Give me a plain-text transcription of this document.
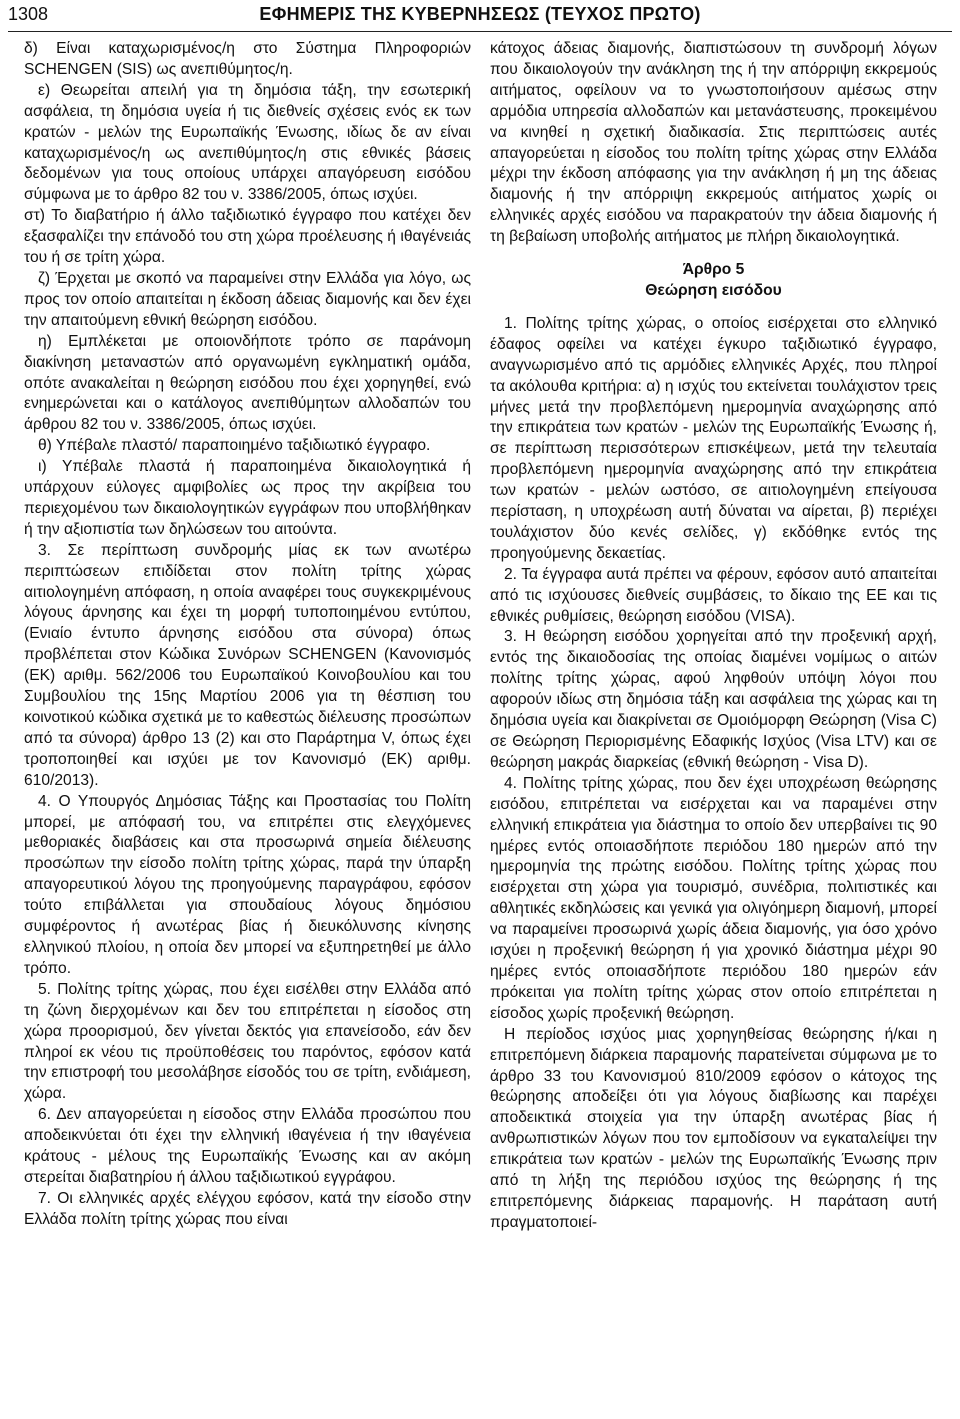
1308	ΕΦΗΜΕΡΙΣ ΤΗΣ ΚΥΒΕΡΝΗΣΕΩΣ (ΤΕΥΧΟΣ ΠΡΩΤΟ)

δ) Είναι καταχωρισμένος/η στο Σύστημα Πληροφοριών SCHENGEN (SIS) ως ανεπιθύμητος/η.

ε) Θεωρείται απειλή για τη δημόσια τάξη, την εσωτερική ασφάλεια, τη δημόσια υγεία ή τις διεθνείς σχέσεις ενός εκ των κρατών - μελών της Ευρωπαϊκής Ένωσης, ιδίως δε αν είναι καταχωρισμένος/η ως ανεπιθύμητος/η στις εθνικές βάσεις δεδομένων για τους οποίους υπάρχει απαγόρευση εισόδου σύμφωνα με το άρθρο 82 του ν. 3386/2005, όπως ισχύει.

στ) Το διαβατήριο ή άλλο ταξιδιωτικό έγγραφο που κατέχει δεν εξασφαλίζει την επάνοδό του στη χώρα προέλευσης ή ιθαγένειάς του ή σε τρίτη χώρα.

ζ) Έρχεται με σκοπό να παραμείνει στην Ελλάδα για λόγο, ως προς τον οποίο απαιτείται η έκδοση άδειας διαμονής και δεν έχει την απαιτούμενη εθνική θεώρηση εισόδου.

η) Εμπλέκεται με οποιονδήποτε τρόπο σε παράνομη διακίνηση μεταναστών από οργανωμένη εγκληματική ομάδα, οπότε ανακαλείται η θεώρηση εισόδου που έχει χορηγηθεί, ενώ ενημερώνεται και ο κατάλογος ανεπιθύμητων αλλοδαπών του άρθρου 82 του ν. 3386/2005, όπως ισχύει.

θ) Υπέβαλε πλαστό/ παραποιημένο ταξιδιωτικό έγγραφο.

ι) Υπέβαλε πλαστά ή παραποιημένα δικαιολογητικά ή υπάρχουν εύλογες αμφιβολίες ως προς την ακρίβεια του περιεχομένου των δικαιολογητικών εγγράφων που υποβλήθηκαν ή την αξιοπιστία των δηλώσεων του αιτούντα.

3. Σε περίπτωση συνδρομής μίας εκ των ανωτέρω περιπτώσεων επιδίδεται στον πολίτη τρίτης χώρας αιτιολογημένη απόφαση, η οποία αναφέρει τους συγκεκριμένους λόγους άρνησης και έχει τη μορφή τυποποιημένου εντύπου, (Ενιαίο έντυπο άρνησης εισόδου στα σύνορα) όπως προβλέπεται στον Κώδικα Συνόρων SCHENGEN (Κανονισμός (ΕΚ) αριθμ. 562/2006 του Ευρωπαϊκού Κοινοβουλίου και του Συμβουλίου της 15ης Μαρτίου 2006 για τη θέσπιση του κοινοτικού κώδικα σχετικά με το καθεστώς διέλευσης προσώπων από τα σύνορα) άρθρο 13 (2) και στο Παράρτημα V, όπως έχει τροποποιηθεί και ισχύει με τον Κανονισμό (ΕΚ) αριθμ. 610/2013).

4. Ο Υπουργός Δημόσιας Τάξης και Προστασίας του Πολίτη μπορεί, με απόφασή του, να επιτρέπει στις ελεγχόμενες μεθοριακές διαβάσεις και στα προσωρινά σημεία διέλευσης προσώπων την είσοδο πολίτη τρίτης χώρας, παρά την ύπαρξη απαγορευτικού λόγου της προηγούμενης παραγράφου, εφόσον τούτο επιβάλλεται για σπουδαίους λόγους δημόσιου συμφέροντος ή ανωτέρας βίας ή διευκόλυνσης κίνησης ελληνικού πλοίου, η οποία δεν μπορεί να εξυπηρετηθεί με άλλο τρόπο.

5. Πολίτης τρίτης χώρας, που έχει εισέλθει στην Ελλάδα από τη ζώνη διερχομένων και δεν του επιτρέπεται η είσοδος στη χώρα προορισμού, δεν γίνεται δεκτός για επανείσοδο, εάν δεν πληροί εκ νέου τις προϋποθέσεις του παρόντος, εφόσον κατά την επιστροφή του μεσολάβησε είσοδός του σε τρίτη, ενδιάμεση, χώρα.

6. Δεν απαγορεύεται η είσοδος στην Ελλάδα προσώπου που αποδεικνύεται ότι έχει την ελληνική ιθαγένεια ή την ιθαγένεια κράτους - μέλους της Ευρωπαϊκής Ένωσης και αν ακόμη στερείται διαβατηρίου ή άλλου ταξιδιωτικού εγγράφου.

7. Οι ελληνικές αρχές ελέγχου εφόσον, κατά την είσοδο στην Ελλάδα πολίτη τρίτης χώρας που είναι

κάτοχος άδειας διαμονής, διαπιστώσουν τη συνδρομή λόγων που δικαιολογούν την ανάκληση της ή την απόρριψη εκκρεμούς αιτήματος, οφείλουν να το γνωστοποιήσουν αμέσως στην αρμόδια υπηρεσία αλλοδαπών και μετανάστευσης, προκειμένου να κινηθεί η σχετική διαδικασία. Στις περιπτώσεις αυτές απαγορεύεται η είσοδος του πολίτη τρίτης χώρας στην Ελλάδα μέχρι την έκδοση απόφασης για την ανάκληση ή μη της άδειας διαμονής ή την απόρριψη εκκρεμούς αιτήματος χωρίς οι ελληνικές αρχές εισόδου να παρακρατούν την άδεια διαμονής ή τη βεβαίωση υποβολής αιτήματος με πλήρη δικαιολογητικά.

Άρθρο 5

Θεώρηση εισόδου

1. Πολίτης τρίτης χώρας, ο οποίος εισέρχεται στο ελληνικό έδαφος οφείλει να κατέχει έγκυρο ταξιδιωτικό έγγραφο, αναγνωρισμένο από τις αρμόδιες ελληνικές Αρχές, που πληροί τα ακόλουθα κριτήρια: α) η ισχύς του εκτείνεται τουλάχιστον τρεις μήνες μετά την προβλεπόμενη ημερομηνία αναχώρησης από την επικράτεια των κρατών - μελών της Ευρωπαϊκής Ένωσης ή, σε περίπτωση περισσότερων επισκέψεων, μετά την τελευταία προβλεπόμενη ημερομηνία αναχώρησης από την επικράτεια των κρατών - μελών ωστόσο, σε αιτιολογημένη επείγουσα περίσταση, η υποχρέωση αυτή δύναται να αίρεται, β) περιέχει τουλάχιστον δύο κενές σελίδες, γ) εκδόθηκε εντός της προηγούμενης δεκαετίας.

2. Τα έγγραφα αυτά πρέπει να φέρουν, εφόσον αυτό απαιτείται από τις ισχύουσες διεθνείς συμβάσεις, το δίκαιο της ΕΕ και τις εθνικές ρυθμίσεις, θεώρηση εισόδου (VISA).

3. Η θεώρηση εισόδου χορηγείται από την προξενική αρχή, εντός της δικαιοδοσίας της οποίας διαμένει νομίμως ο αιτών πολίτης τρίτης χώρας, αφού ληφθούν υπόψη λόγοι που αφορούν ιδίως στη δημόσια τάξη και ασφάλεια της χώρας και τη δημόσια υγεία και διακρίνεται σε Ομοιόμορφη Θεώρηση (Visa C) σε Θεώρηση Περιορισμένης Εδαφικής Ισχύος (Visa LTV) και σε θεώρηση μακράς διαρκείας (εθνική θεώρηση - Visa D).

4. Πολίτης τρίτης χώρας, που δεν έχει υποχρέωση θεώρησης εισόδου, επιτρέπεται να εισέρχεται και να παραμένει στην ελληνική επικράτεια για διάστημα το οποίο δεν υπερβαίνει τις 90 ημέρες εντός οποιασδήποτε περιόδου 180 ημερών από την ημερομηνία της πρώτης εισόδου. Πολίτης τρίτης χώρας που εισέρχεται στη χώρα για τουρισμό, συνέδρια, πολιτιστικές και αθλητικές εκδηλώσεις και γενικά για ολιγόημερη διαμονή, μπορεί να παραμείνει προσωρινά χωρίς άδεια διαμονής, για όσο χρόνο ισχύει η προξενική θεώρηση ή για χρονικό διάστημα μέχρι 90 ημέρες εντός οποιασδήποτε περιόδου 180 ημερών εάν πρόκειται για πολίτη τρίτης χώρας στον οποίο επιτρέπεται η είσοδος χωρίς προξενική θεώρηση.

Η περίοδος ισχύος μιας χορηγηθείσας θεώρησης ή/και η επιτρεπόμενη διάρκεια παραμονής παρατείνεται σύμφωνα με το άρθρο 33 του Κανονισμού 810/2009 εφόσον ο κάτοχος της θεώρησης αποδείξει ότι για λόγους διαβίωσης και παρέχει αποδεικτικά στοιχεία για την ύπαρξη ανωτέρας βίας ή ανθρωπιστικών λόγων που τον εμποδίσουν να εγκαταλείψει την επικράτεια των κρατών - μελών της Ευρωπαϊκής Ένωσης πριν από τη λήξη της περιόδου ισχύος της θεώρησης ή της επιτρεπόμενης διάρκειας παραμονής. Η παράταση αυτή πραγματοποιεί-
